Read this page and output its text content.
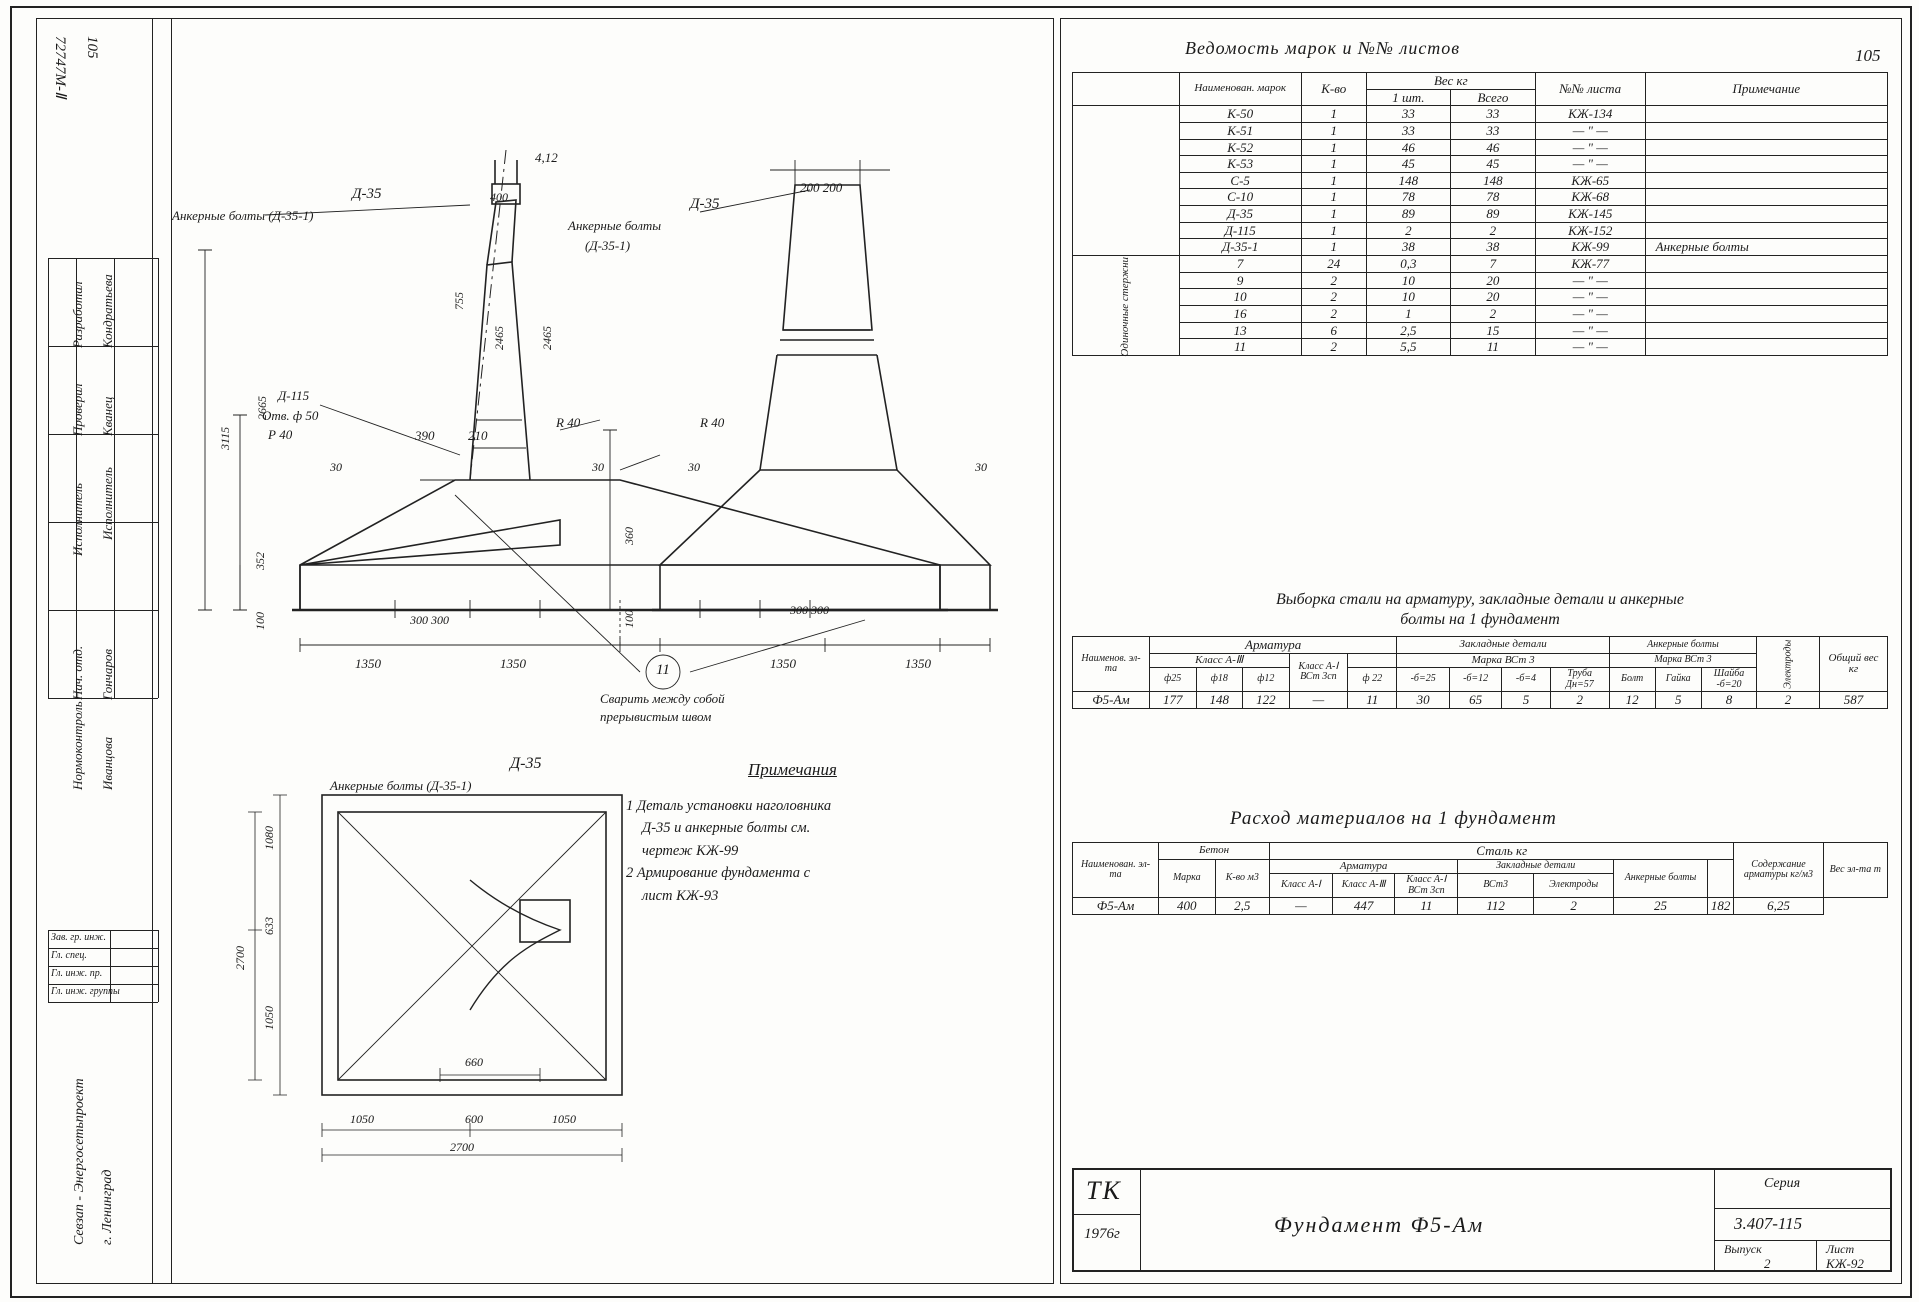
72747М-Ⅱ 105
Разработал Кондратьева
Проверил Кванец
Исполнитель Исполнитель
Нач. отд. Гончаров
Нормоконтроль Иванцова
Зав. гр. инж.
Гл. спец.
Гл. инж. пр.
Гл. инж. группы
Ceвзап - Энергосетьпроект г. Ленинград
Д-35
Анкерные болты (Д-35-1)
Д-35
Анкерные болты
(Д-35-1)
Д-115
Отв. ф 50
Р 40
R 40	R 40
4,12
400
755
2465	2465
2665
3115
352
100	100
360
390	210
30	30	30	30
1350	1350	1350	1350
300 300
300 300
200 200
11
Сварить между собой прерывистым швом
Д-35
Анкерные болты (Д-35-1)
1080
633
1050
2700
660
1050	600	1050
2700
Примечания
1 Деталь установки наголовника
Д-35 и анкерные болты см.
чертеж КЖ-99
2 Армирование фундамента с
лист КЖ-93
105
Ведомость марок и №№ листов
	Наименован. марок	К-во	Вес кг		№№ листа	Примечание
			1 шт.	Всего		
	К-50	1	33	33	КЖ-134	
	К-51	1	33	33	— " —	
	К-52	1	46	46	— " —	
	К-53	1	45	45	— " —	
	С-5	1	148	148	КЖ-65	
	С-10	1	78	78	КЖ-68	
	Д-35	1	89	89	КЖ-145	
	Д-115	1	2	2	КЖ-152	
	Д-35-1	1	38	38	КЖ-99	Анкерные болты
Одиночные стержни	7	24	0,3	7	КЖ-77	
	9	2	10	20	— " —	
	10	2	10	20	— " —	
	16	2	1	2	— " —	
	13	6	2,5	15	— " —	
	11	2	5,5	11	— " —	
Выборка стали на арматуру, закладные детали и анкерные
болты на 1 фундамент
Наименов. эл-та	Арматура					Закладные детали				Анкерные болты			Электроды	Общий вес кг
	Класс А-Ⅲ			Класс А-Ⅰ ВСт 3сп		Марка ВСт 3				Марка ВСт 3				
	ф25	ф18	ф12		ф 22	-б=25	-б=12	-б=4	Труба Дн=57	Болт	Гайка	Шайба -б=20		
Ф5-Ам	177	148	122	—	11	30	65	5	2	12	5	8	2	587
Расход материалов на 1 фундамент
Наименован. эл-та	Бетон		Сталь кг							Содержание арматуры кг/м3	Вес эл-та т
	Марка	К-во м3	Арматура			Закладные детали		Анкерные болты			
			Класс А-Ⅰ	Класс А-Ⅲ	Класс А-Ⅰ ВСт 3сп	ВСт3	Электроды				
Ф5-Ам	400	2,5	—	447	11	112	2	25	182	6,25	
ТК
1976г	Фундамент Ф5-Ам
Серия
3.407-115
Выпуск	Лист
2	КЖ-92
